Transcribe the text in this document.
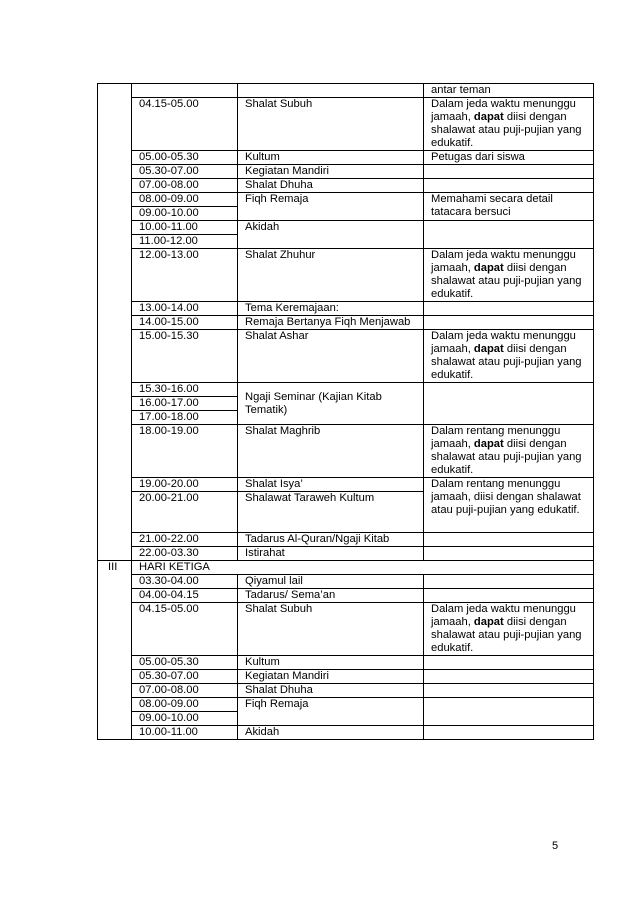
			antar teman
	04.15-05.00	Shalat Subuh	Dalam jeda waktu menunggu jamaah, dapat diisi dengan shalawat atau puji-pujian yang edukatif.
	05.00-05.30	Kultum	Petugas dari siswa
	05.30-07.00	Kegiatan Mandiri	
	07.00-08.00	Shalat Dhuha	
	08.00-09.00	Fiqh Remaja	Memahami secara detail tatacara bersuci
	09.00-10.00		
	10.00-11.00	Akidah	
	11.00-12.00		
	12.00-13.00	Shalat Zhuhur	Dalam jeda waktu menunggu jamaah, dapat diisi dengan shalawat atau puji-pujian yang edukatif.
	13.00-14.00	Tema Keremajaan:	
	14.00-15.00	Remaja Bertanya Fiqh Menjawab	
	15.00-15.30	Shalat Ashar	Dalam jeda waktu menunggu jamaah, dapat diisi dengan shalawat atau puji-pujian yang edukatif.
	15.30-16.00	Ngaji Seminar (Kajian Kitab Tematik)	
	16.00-17.00		
	17.00-18.00		
	18.00-19.00	Shalat Maghrib	Dalam rentang menunggu jamaah, dapat diisi dengan shalawat atau puji-pujian yang edukatif.
	19.00-20.00	Shalat Isya’	Dalam rentang menunggu jamaah, diisi dengan shalawat atau puji-pujian yang edukatif.
	20.00-21.00	Shalawat Taraweh Kultum	
	21.00-22.00	Tadarus Al-Quran/Ngaji Kitab	
	22.00-03.30	Istirahat	
III	HARI KETIGA		
	03.30-04.00	Qiyamul lail	
	04.00-04.15	Tadarus/ Sema’an	
	04.15-05.00	Shalat Subuh	Dalam jeda waktu menunggu jamaah, dapat diisi dengan shalawat atau puji-pujian yang edukatif.
	05.00-05.30	Kultum	
	05.30-07.00	Kegiatan Mandiri	
	07.00-08.00	Shalat Dhuha	
	08.00-09.00	Fiqh Remaja	
	09.00-10.00		
	10.00-11.00	Akidah	
5
